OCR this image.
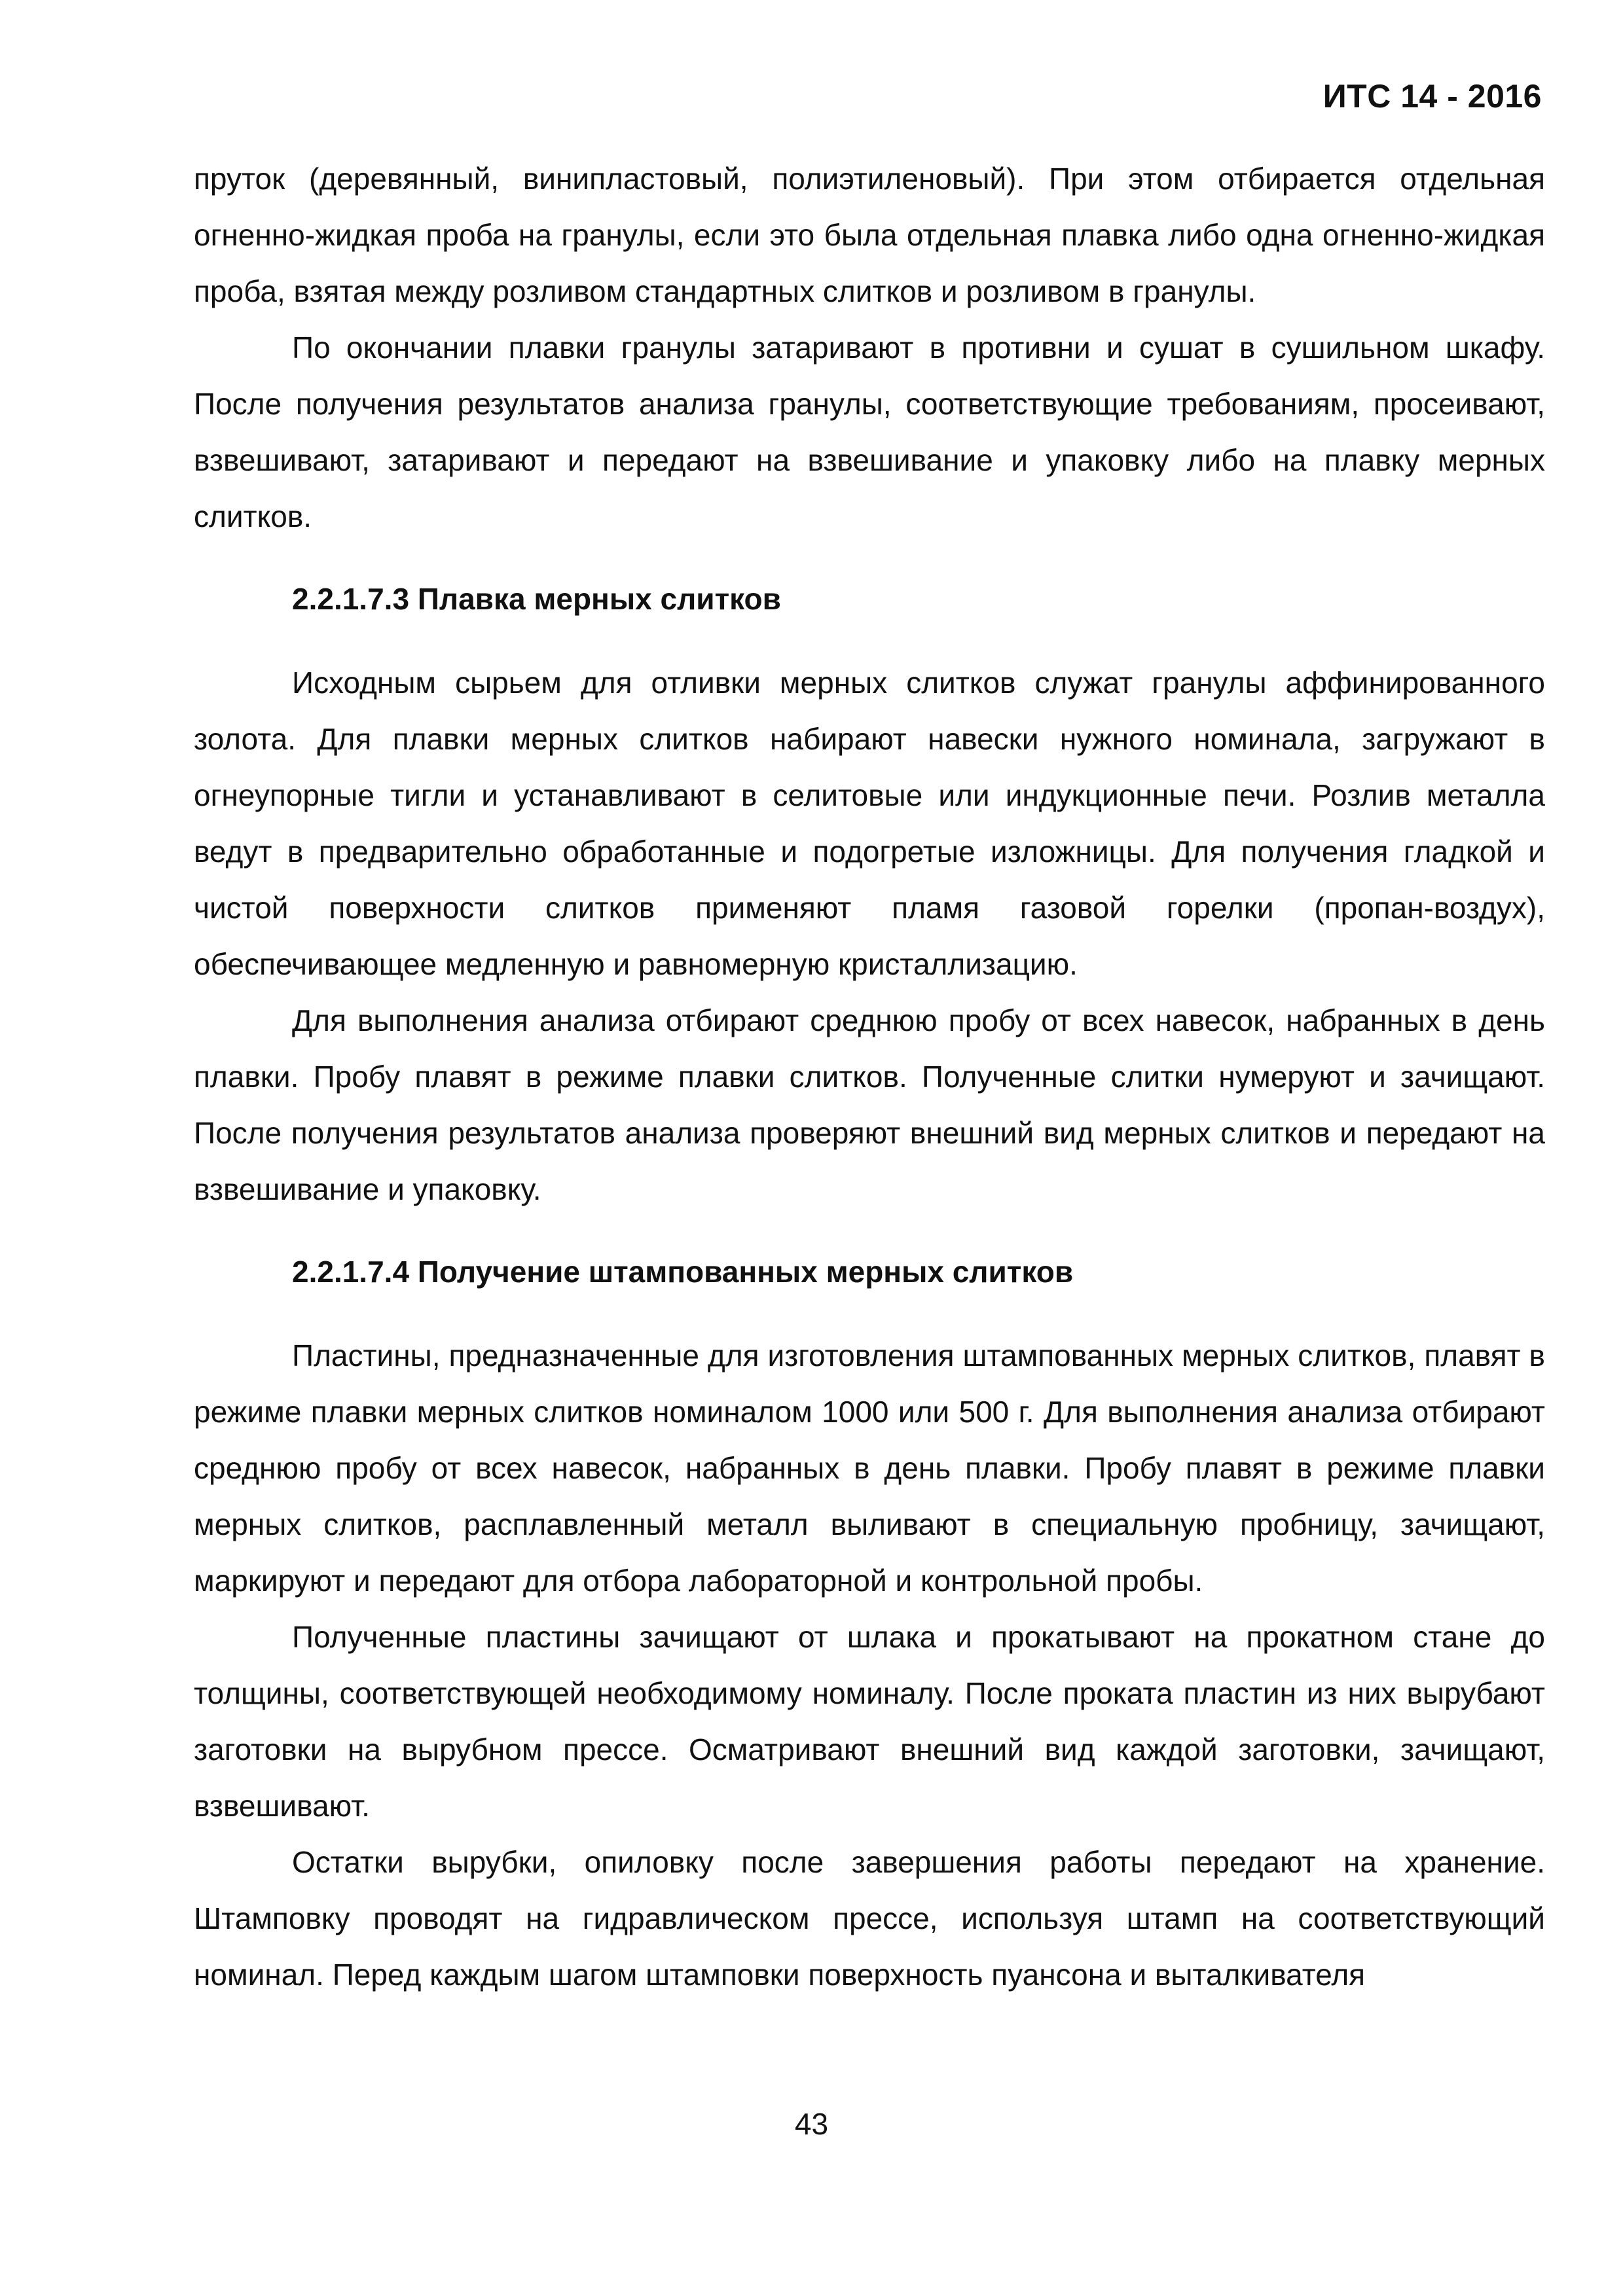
ИТС 14 - 2016

пруток (деревянный, винипластовый, полиэтиленовый). При этом отбирается отдельная огненно-жидкая проба на гранулы, если это была отдельная плавка либо одна огненно-жидкая проба, взятая между розливом стандартных слитков и розливом в гранулы.

По окончании плавки гранулы затаривают в противни и сушат в сушильном шкафу. После получения результатов анализа гранулы, соответствующие требованиям, просеивают, взвешивают, затаривают и передают на взвешивание и упаковку либо на плавку мерных слитков.

2.2.1.7.3 Плавка мерных слитков

Исходным сырьем для отливки мерных слитков служат гранулы аффинированного золота. Для плавки мерных слитков набирают навески нужного номинала, загружают в огнеупорные тигли и устанавливают в селитовые или индукционные печи. Розлив металла ведут в предварительно обработанные и подогретые изложницы. Для получения гладкой и чистой поверхности слитков применяют пламя газовой горелки (пропан-воздух), обеспечивающее медленную и равномерную кристаллизацию.

Для выполнения анализа отбирают среднюю пробу от всех навесок, набранных в день плавки. Пробу плавят в режиме плавки слитков. Полученные слитки нумеруют и зачищают. После получения результатов анализа проверяют внешний вид мерных слитков и передают на взвешивание и упаковку.

2.2.1.7.4 Получение штампованных мерных слитков

Пластины, предназначенные для изготовления штампованных мерных слитков, плавят в режиме плавки мерных слитков номиналом 1000 или 500 г. Для выполнения анализа отбирают среднюю пробу от всех навесок, набранных в день плавки. Пробу плавят в режиме плавки мерных слитков, расплавленный металл выливают в специальную пробницу, зачищают, маркируют и передают для отбора лабораторной и контрольной пробы.

Полученные пластины зачищают от шлака и прокатывают на прокатном стане до толщины, соответствующей необходимому номиналу. После проката пластин из них вырубают заготовки на вырубном прессе. Осматривают внешний вид каждой заготовки, зачищают, взвешивают.

Остатки вырубки, опиловку после завершения работы передают на хранение. Штамповку проводят на гидравлическом прессе, используя штамп на соответствующий номинал. Перед каждым шагом штамповки поверхность пуансона и выталкивателя

43
